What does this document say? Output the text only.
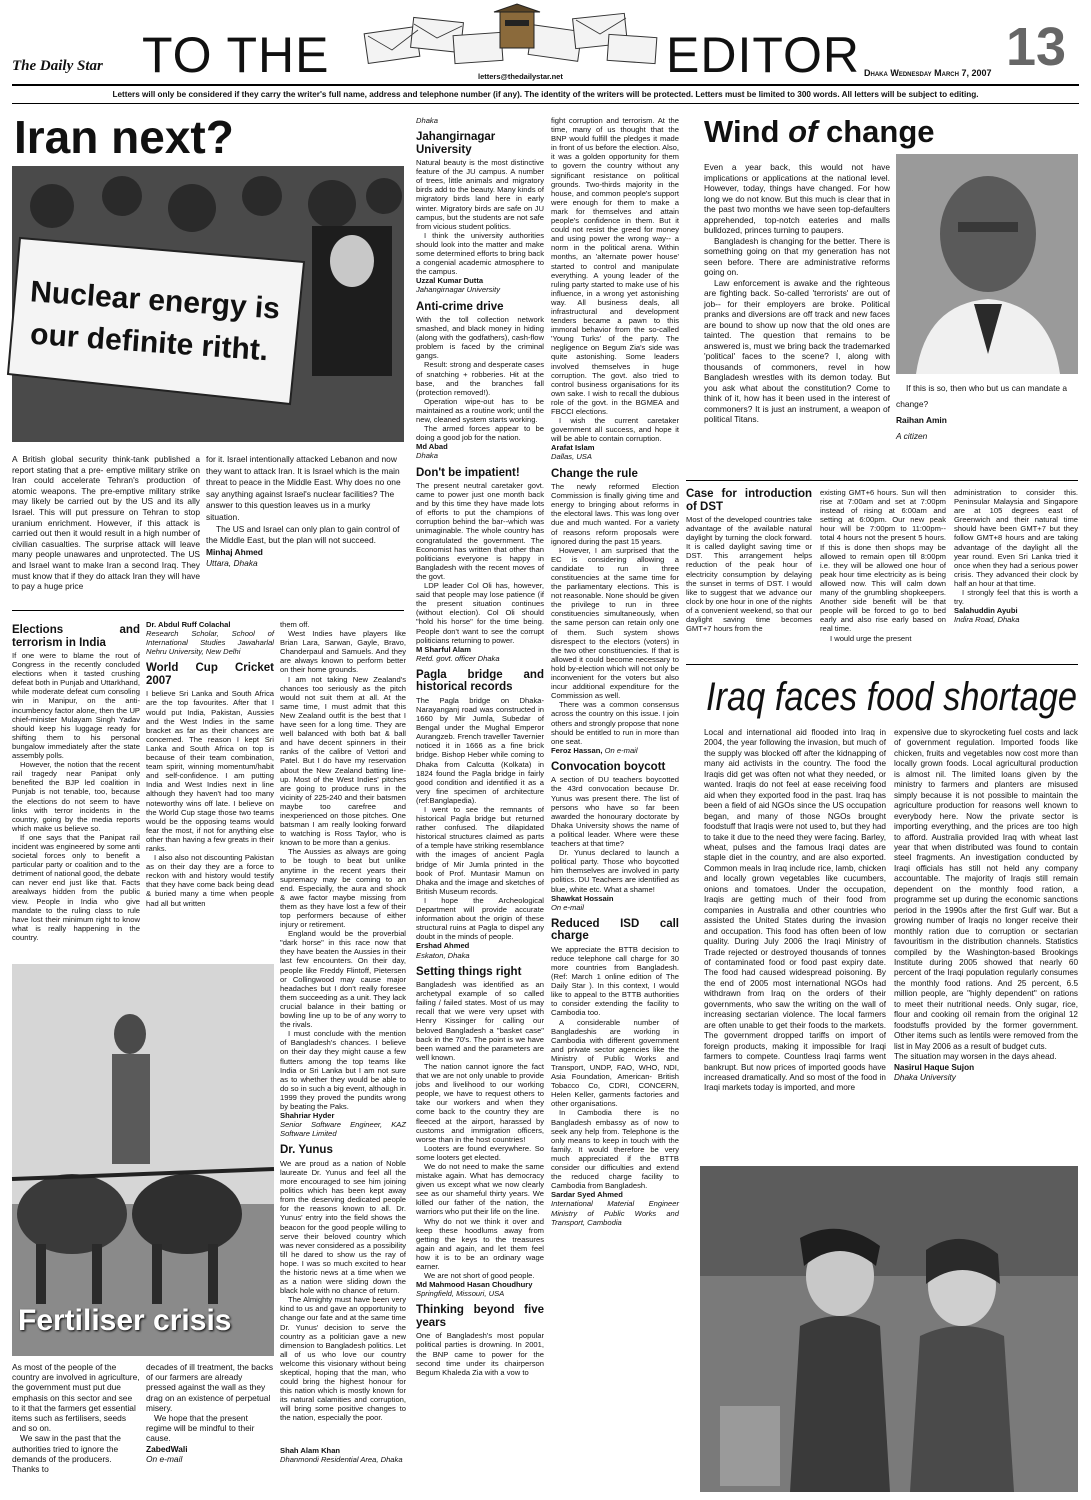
The Daily Star TO THE	letters@thedailystar.net EDITOR Dhaka Wednesday March 7, 2007 13
Letters will only be considered if they carry the writer's full name, address and telephone number (if any). The identity of the writers will be protected. Letters must be limited to 300 words. All letters will be subject to editing.
Iran next?
Nuclear energy is
our definite ritht.

A British global security think-tank published a report stating that a pre- emptive military strike on Iran could accelerate Tehran's production of atomic weapons. The pre-emptive military strike may likely be carried out by the US and its ally Israel. This will put pressure on Tehran to stop uranium enrichment. However, if this attack is carried out then it would result in a high number of civilian casualties. The surprise attack will leave many people unawares and unprotected. The US and Israel want to make Iran a second Iraq. They must know that if they do attack Iran they will have to pay a huge price

for it. Israel intentionally attacked Lebanon and now they want to attack Iran. It is Israel which is the main threat to peace in the Middle East. Why does no one say anything against Israel's nuclear facilities? The answer to this question leaves us in a murky situation.

The US and Israel can only plan to gain control of the Middle East, but the plan will not succeed.

Minhaj Ahmed

Uttara, Dhaka

Elections and terrorism in India

If one were to blame the rout of Congress in the recently concluded elections when it tasted crushing defeat both in Punjab and Uttarkhand, while moderate defeat cum consoling win in Manipur, on the anti-incumbency factor alone, then the UP chief-minister Mulayam Singh Yadav should keep his luggage ready for shifting them to his personal bungalow immediately after the state assembly polls.

However, the notion that the recent rail tragedy near Panipat only benefited the BJP led coalition in Punjab is not tenable, too, because the elections do not seem to have links with terror incidents in the country, going by the media reports which make us believe so.

If one says that the Panipat rail incident was engineered by some anti societal forces only to benefit a particular party or coalition and to the detriment of national good, the debate can never end just like that. Facts arealways hidden from the public view. People in India who give mandate to the ruling class to rule have lost their minimum right to know what is really happening in the country.

Dr. Abdul Ruff Colachal

Research Scholar, School of International Studies Jawaharlal Nehru University, New Delhi

World Cup Cricket 2007

I believe Sri Lanka and South Africa are the top favourites. After that I would put India, Pakistan, Aussies and the West Indies in the same bracket as far as their chances are concerned. The reason I kept Sri Lanka and South Africa on top is because of their team combination, team spirit, winning momentum/habit and self-confidence. I am putting India and West Indies next in line although they haven't had too many noteworthy wins off late. I believe on the World Cup stage those two teams would be the opposing teams would fear the most, if not for anything else other than having a few greats in their ranks.

I also also not discounting Pakistan as on their day they are a force to reckon with and history would testify that they have come back being dead & buried many a time when people had all but written

them off.

West Indies have players like Brian Lara, Sarwan, Gayle, Bravo, Chanderpaul and Samuels. And they are always known to perform better on their home grounds.

I am not taking New Zealand's chances too seriously as the pitch would not suit them at all. At the same time, I must admit that this New Zealand outfit is the best that I have seen for a long time. They are well balanced with both bat & ball and have decent spinners in their ranks of the calibre of Vettori and Patel. But I do have my reservation about the New Zealand batting line-up. Most of the West Indies' pitches are going to produce runs in the vicinity of 225-240 and their batsmen maybe too carefree and inexperienced on those pitches. One batsman I am really looking forward to watching is Ross Taylor, who is known to be more than a genius.

The Aussies as always are going to be tough to beat but unlike anytime in the recent years their supremacy may be coming to an end. Especially, the aura and shock & awe factor maybe missing from them as they have lost a few of their top performers because of either injury or retirement.

England would be the proverbial "dark horse" in this race now that they have beaten the Aussies in their last few encounters. On their day, people like Freddy Flintoff, Pietersen or Collingwood may cause major headaches but I don't really foresee them succeeding as a unit. They lack crucial balance in their batting or bowling line up to be of any worry to the rivals.

I must conclude with the mention of Bangladesh's chances. I believe on their day they might cause a few flutters among the top teams like India or Sri Lanka but I am not sure as to whether they would be able to do so in such a big event, although in 1999 they proved the pundits wrong by beating the Paks.

Shahriar Hyder

Senior Software Engineer, KAZ Software Limited

Dr. Yunus

We are proud as a nation of Noble laureate Dr. Yunus and feel all the more encouraged to see him joining politics which has been kept away from the deserving dedicated people for the reasons known to all. Dr. Yunus' entry into the field shows the beacon for the good people willing to serve their beloved country which was never considered as a possibility till he dared to show us the ray of hope. I was so much excited to hear the historic news at a time when we as a nation were sliding down the black hole with no chance of return.

The Almighty must have been very kind to us and gave an opportunity to change our fate and at the same time Dr. Yunus' decision to serve the country as a politician gave a new dimension to Bangladesh politics. Let all of us who love our country welcome this visionary without being skeptical, hoping that the man, who could bring the highest honour for this nation which is mostly known for its natural calamities and corruption, will bring some positive changes to the nation, especially the poor.

Shah Alam Khan

Dhanmondi Residential Area, Dhaka

Fertiliser crisis

As most of the people of the country are involved in agriculture, the government must put due emphasis on this sector and see to it that the farmers get essential items such as fertilisers, seeds and so on.

We saw in the past that the authorities tried to ignore the demands of the producers. Thanks to

decades of ill treatment, the backs of our farmers are already pressed against the wall as they drag on an existence of perpetual misery.

We hope that the present regime will be mindful to their cause.

ZabedWali

On e-mail

Dhaka

Jahangirnagar University

Natural beauty is the most distinctive feature of the JU campus. A number of trees, little animals and migratory birds add to the beauty. Many kinds of migratory birds land here in early winter. Migratory birds are safe on JU campus, but the students are not safe from vicious student politics.

I think the university authorities should look into the matter and make some determined efforts to bring back a congenial academic atmosphere to the campus.

Uzzal Kumar Dutta

Jahangirnagar University

Anti-crime drive

With the toll collection network smashed, and black money in hiding (along with the godfathers), cash-flow problem is faced by the criminal gangs.

Result: strong and desperate cases of snatching + robberies. Hit at the base, and the branches fall (protection removed!).

Operation wipe-out has to be maintained as a routine work; until the new, cleaned system starts working.

The armed forces appear to be doing a good job for the nation.

Md Abad

Dhaka

Don't be impatient!

The present neutral caretaker govt. came to power just one month back and by this time they have made lots of efforts to put the champions of corruption behind the bar--which was unimaginable. The whole country has congratulated the government. The Economist has written that other than politicians everyone is happy in Bangladesh with the recent moves of the govt.

LDP leader Col Oli has, however, said that people may lose patience (if the present situation continues (without election). Col Oli should "hold his horse" for the time being. People don't want to see the corrupt politicians returning to power.

M Sharful Alam

Retd. govt. officer Dhaka

Pagla bridge and historical records

The Pagla bridge on Dhaka-Narayanganj road was constructed in 1660 by Mir Jumla, Subedar of Bengal under the Mughal Emperor Aurangzeb. French traveller Tavernier noticed it in 1666 as a fine brick bridge. Bishop Heber while coming to Dhaka from Calcutta (Kolkata) in 1824 found the Pagla bridge in fairly good condition and identified it as a very fine specimen of architecture (ref:Banglapedia).

I went to see the remnants of historical Pagla bridge but returned rather confused. The dilapidated historical structures claimed as parts of a temple have striking resemblance with the images of ancient Pagla bridge of Mir Jumla printed in the book of Prof. Muntasir Mamun on Dhaka and the image and sketches of British Museum records.

I hope the Archeological Department will provide accurate information about the origin of these structural ruins at Pagla to dispel any doubt in the minds of people.

Ershad Ahmed

Eskaton, Dhaka

Setting things right

Bangladesh was identified as an archetypal example of so called failing / failed states. Most of us may recall that we were very upset with Henry Kissinger for calling our beloved Bangladesh a "basket case" back in the 70's. The point is we have been warned and the parameters are well known.

The nation cannot ignore the fact that we are not only unable to provide jobs and livelihood to our working people, we have to request others to take our workers and when they come back to the country they are fleeced at the airport, harassed by customs and immigration officers, worse than in the host countries!

Looters are found everywhere. So some looters get elected.

We do not need to make the same mistake again. What has democracy given us except what we now clearly see as our shameful thirty years. We killed our father of the nation, the warriors who put their life on the line.

Why do not we think it over and keep these hoodlums away from getting the keys to the treasures again and again, and let them feel how it is to be an ordinary wage earner.

We are not short of good people.

Md Mahmood Hasan Choudhury

Springfield, Missouri, USA

Thinking beyond five years

One of Bangladesh's most popular political parties is drowning. In 2001, the BNP came to power for the second time under its chairperson Begum Khaleda Zia with a vow to

fight corruption and terrorism. At the time, many of us thought that the BNP would fulfill the pledges it made in front of us before the election. Also, it was a golden opportunity for them to govern the country without any significant resistance on political grounds. Two-thirds majority in the house, and common people's support were enough for them to make a mark for themselves and attain people's confidence in them. But it could not resist the greed for money and using power the wrong way-- a norm in the political arena. Within months, an 'alternate power house' started to control and manipulate everything. A young leader of the ruling party started to make use of his influence, in a wrong yet astonishing way. All business deals, all infrastructural and development tenders became a pawn to this immoral behavior from the so-called 'Young Turks' of the party. The negligence on Begum Zia's side was quite astonishing. Some leaders involved themselves in huge corruption. The govt. also tried to control business organisations for its own sake. I wish to recall the dubious role of the govt. in the BGMEA and FBCCI elections.

I wish the current caretaker government all success, and hope it will be able to contain corruption.

Arafat Islam

Dallas, USA

Change the rule

The newly reformed Election Commission is finally giving time and energy to bringing about reforms in the electoral laws. This was long over due and much wanted. For a variety of reasons reform proposals were ignored during the past 15 years.

However, I am surprised that the EC is considering allowing a candidate to run in three constituencies at the same time for the parliamentary elections. This is not reasonable. None should be given the privilege to run in three constituencies simultaneously, when the same person can retain only one of them. Such system shows disrespect to the electors (voters) in the two other constituencies. If that is allowed it could become necessary to hold by-election which will not only be inconvenient for the voters but also incur additional expenditure for the Commission as well.

There was a common consensus across the country on this issue. I join others and strongly propose that none should be entitled to run in more than one seat.

Feroz Hassan, On e-mail

Convocation boycott

A section of DU teachers boycotted the 43rd convocation because Dr. Yunus was present there. The list of persons who have so far been awarded the honourary doctorate by Dhaka University shows the name of a political leader. Where were these teachers at that time?

Dr. Yunus declared to launch a political party. Those who boycotted him themselves are involved in party politics. DU Teachers are identified as blue, white etc. What a shame!

Shawkat Hossain

On e-mail

Reduced ISD call charge

We appreciate the BTTB decision to reduce telephone call charge for 30 more countries from Bangladesh. (Ref: March 1 online edition of The Daily Star ). In this context, I would like to appeal to the BTTB authorities to consider extending the facility to Cambodia too.

A considerable number of Bangladeshis are working in Cambodia with different government and private sector agencies like the Ministry of Public Works and Transport, UNDP, FAO, WHO, NDI, Asia Foundation, American- British Tobacco Co, CDRI, CONCERN, Helen Keller, garments factories and other organisations.

In Cambodia there is no Bangladesh embassy as of now to seek any help from. Telephone is the only means to keep in touch with the family. It would therefore be very much appreciated if the BTTB consider our difficulties and extend the reduced charge facility to Cambodia from Bangladesh.

Sardar Syed Ahmed

International Material Engineer Ministry of Public Works and Transport, Cambodia

Wind of change

Even a year back, this would not have implications or applications at the national level. However, today, things have changed. For how long we do not know. But this much is clear that in the past two months we have seen top-defaulters apprehended, top-notch eateries and malls bulldozed, princes turning to paupers.

Bangladesh is changing for the better. There is something going on that my generation has not seen before. There are administrative reforms going on.

Law enforcement is awake and the righteous are fighting back. So-called 'terrorists' are out of job-- for their employers are broke. Political pranks and diversions are off track and new faces are bound to show up now that the old ones are tainted. The question that remains to be answered is, must we bring back the trademarked 'political' faces to the scene? I, along with thousands of commoners, revel in how Bangladesh wrestles with its demon today. But you ask what about the constitution? Come to think of it, how has it been used in the interest of commoners? It is just an instrument, a weapon of political Titans.

If this is so, then who but us can mandate a change?

Raihan Amin

A citizen

Case for introduction of DST

Most of the developed countries take advantage of the available natural daylight by turning the clock forward. It is called daylight saving time or DST. This arrangement helps reduction of the peak hour of electricity consumption by delaying the sunset in terms of DST. I would like to suggest that we advance our clock by one hour in one of the nights of a convenient weekend, so that our daylight saving time becomes GMT+7 hours from the

existing GMT+6 hours. Sun will then rise at 7:00am and set at 7:00pm instead of rising at 6:00am and setting at 6:00pm. Our new peak hour will be 7:00pm to 11:00pm-- total 4 hours not the present 5 hours. If this is done then shops may be allowed to remain open till 8:00pm i.e. they will be allowed one hour of peak hour time electricity as is being allowed now. This will calm down many of the grumbling shopkeepers. Another side benefit will be that people will be forced to go to bed early and also rise early based on real time.

I would urge the present

administration to consider this. Peninsular Malaysia and Singapore are at 105 degrees east of Greenwich and their natural time should have been GMT+7 but they follow GMT+8 hours and are taking advantage of the daylight all the year round. Even Sri Lanka tried it once when they had a serious power crisis. They advanced their clock by half an hour at that time.

I strongly feel that this is worth a try.

Salahuddin Ayubi

Indira Road, Dhaka

Iraq faces food shortage

Local and international aid flooded into Iraq in 2004, the year following the invasion, but much of the supply was blocked off after the kidnapping of many aid activists in the country. The food the Iraqis did get was often not what they needed, or wanted. Iraqis do not feel at ease receiving food aid when they exported food in the past. Iraq has been a field of aid NGOs since the US occupation began, and many of those NGOs brought foodstuff that Iraqis were not used to, but they had to take it due to the need they were facing. Barley, wheat, pulses and the famous Iraqi dates are staple diet in the country, and are also exported. Common meals in Iraq include rice, lamb, chicken and locally grown vegetables like cucumbers, onions and tomatoes. Under the occupation, Iraqis are getting much of their food from companies in Australia and other countries who assisted the United States during the invasion and occupation. This food has often been of low quality. During July 2006 the Iraqi Ministry of Trade rejected or destroyed thousands of tonnes of contaminated food or food past expiry date. The food had caused widespread poisoning. By the end of 2005 most international NGOs had withdrawn from Iraq on the orders of their governments, who saw the writing on the wall of increasing sectarian violence. The local farmers are often unable to get their foods to the markets. The government dropped tariffs on import of foreign products, making it impossible for Iraqi farmers to compete. Countless Iraqi farms went bankrupt. But now prices of imported goods have increased dramatically. And so most of the food in Iraqi markets today is imported, and more

expensive due to skyrocketing fuel costs and lack of government regulation. Imported foods like chicken, fruits and vegetables now cost more than locally grown foods. Local agricultural production is almost nil. The limited loans given by the ministry to farmers and planters are misused simply because it is not possible to maintain the agriculture production for reasons well known to everybody here. Now the private sector is importing everything, and the prices are too high to afford. Australia provided Iraq with wheat last year that when distributed was found to contain steel fragments. An investigation conducted by Iraqi officials has still not held any company accountable. The majority of Iraqis still remain dependent on the monthly food ration, a programme set up during the economic sanctions period in the 1990s after the first Gulf war. But a growing number of Iraqis no longer receive their monthly ration due to corruption or sectarian favouritism in the distribution channels. Statistics compiled by the Washington-based Brookings Institute during 2005 showed that nearly 60 percent of the Iraqi population regularly consumes the monthly food rations. And 25 percent, 6.5 million people, are "highly dependent" on rations to meet their nutritional needs. Only sugar, rice, flour and cooking oil remain from the original 12 foodstuffs provided by the former government. Other items such as lentils were removed from the list in May 2006 as a result of budget cuts.

The situation may worsen in the days ahead.

Nasirul Haque Sujon

Dhaka University
